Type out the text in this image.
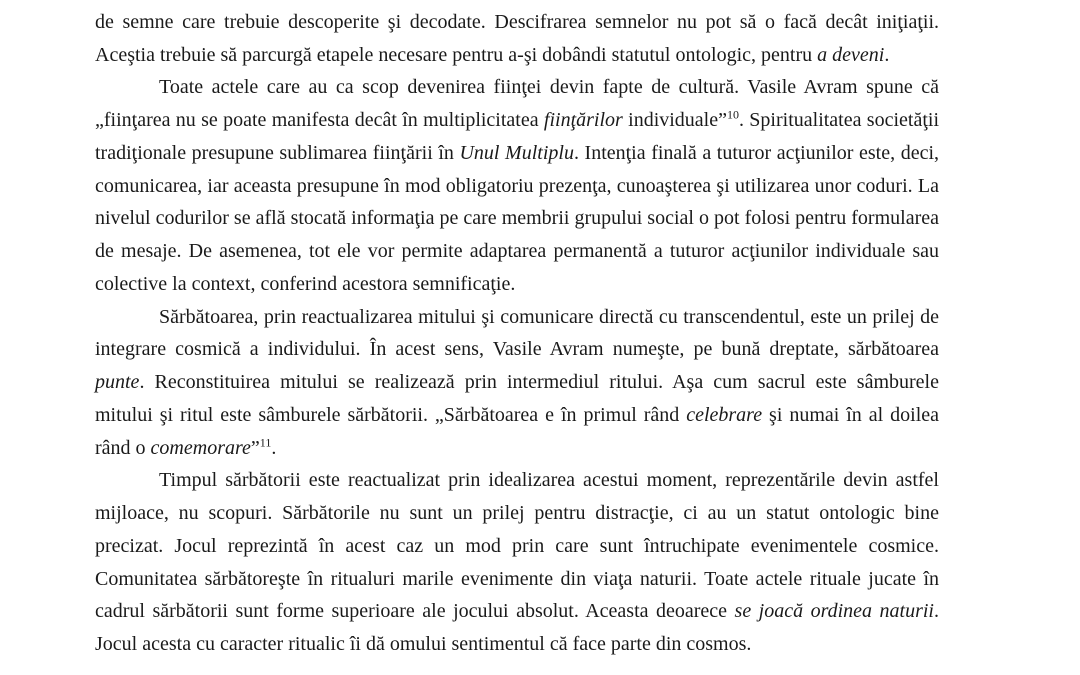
de semne care trebuie descoperite şi decodate. Descifrarea semnelor nu pot să o facă decât iniţiaţii. Aceştia trebuie să parcurgă etapele necesare pentru a-şi dobândi statutul ontologic, pentru a deveni.

Toate actele care au ca scop devenirea fiinţei devin fapte de cultură. Vasile Avram spune că „fiinţarea nu se poate manifesta decât în multiplicitatea fiinţărilor individuale”$^{10}$. Spiritualitatea societăţii tradiţionale presupune sublimarea fiinţării în Unul Multiplu. Intenţia finală a tuturor acţiunilor este, deci, comunicarea, iar aceasta presupune în mod obligatoriu prezenţa, cunoaşterea şi utilizarea unor coduri. La nivelul codurilor se află stocată informaţia pe care membrii grupului social o pot folosi pentru formularea de mesaje. De asemenea, tot ele vor permite adaptarea permanentă a tuturor acţiunilor individuale sau colective la context, conferind acestora semnificaţie.

Sărbătoarea, prin reactualizarea mitului şi comunicare directă cu transcendentul, este un prilej de integrare cosmică a individului. În acest sens, Vasile Avram numeşte, pe bună dreptate, sărbătoarea punte. Reconstituirea mitului se realizează prin intermediul ritului. Aşa cum sacrul este sâmburele mitului şi ritul este sâmburele sărbătorii. „Sărbătoarea e în primul rând celebrare şi numai în al doilea rând o comemorare”$^{11}$.

Timpul sărbătorii este reactualizat prin idealizarea acestui moment, reprezentările devin astfel mijloace, nu scopuri. Sărbătorile nu sunt un prilej pentru distracţie, ci au un statut ontologic bine precizat. Jocul reprezintă în acest caz un mod prin care sunt întruchipate evenimentele cosmice. Comunitatea sărbătoreşte în ritualuri marile evenimente din viaţa naturii. Toate actele rituale jucate în cadrul sărbătorii sunt forme superioare ale jocului absolut. Aceasta deoarece se joacă ordinea naturii. Jocul acesta cu caracter ritualic îi dă omului sentimentul că face parte din cosmos.
